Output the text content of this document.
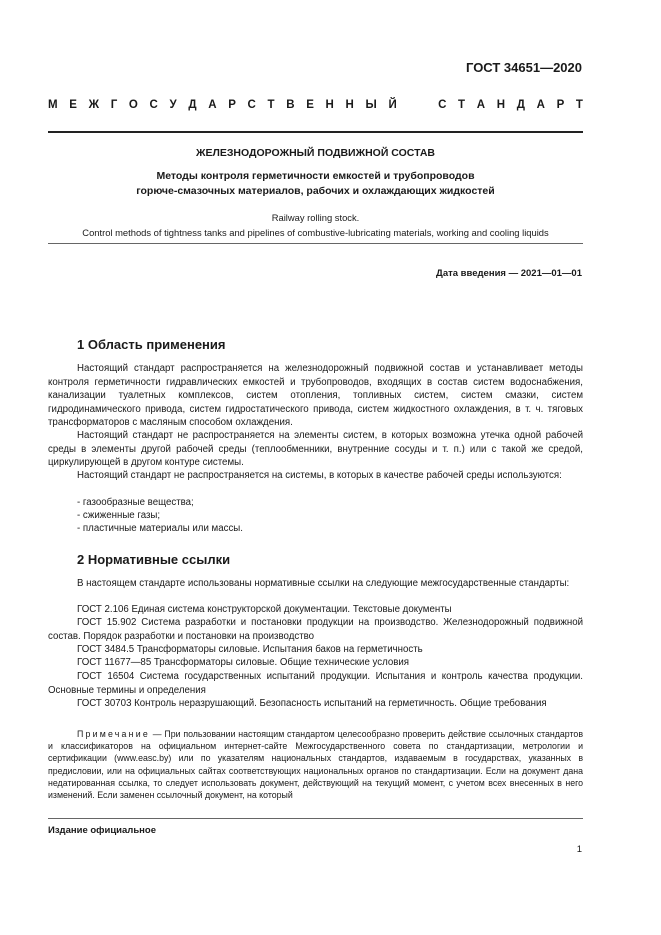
ГОСТ 34651—2020
М Е Ж Г О С У Д А Р С Т В Е Н Н Ы Й
	С Т А Н Д А Р Т
ЖЕЛЕЗНОДОРОЖНЫЙ ПОДВИЖНОЙ СОСТАВ
Методы контроля герметичности емкостей и трубопроводов
горюче-смазочных материалов, рабочих и охлаждающих жидкостей
Railway rolling stock.
Control methods of tightness tanks and pipelines of combustive-lubricating materials, working and cooling liquids
Дата введения — 2021—01—01
1 Область применения

Настоящий стандарт распространяется на железнодорожный подвижной состав и устанавливает методы контроля герметичности гидравлических емкостей и трубопроводов, входящих в состав систем водоснабжения, канализации туалетных комплексов, систем отопления, топливных систем, систем смазки, систем гидродинамического привода, систем гидростатического привода, систем жидкостного охлаждения, в т. ч. тяговых трансформаторов с масляным способом охлаждения.

Настоящий стандарт не распространяется на элементы систем, в которых возможна утечка одной рабочей среды в элементы другой рабочей среды (теплообменники, внутренние сосуды и т. п.) или с такой же средой, циркулирующей в другом контуре системы.

Настоящий стандарт не распространяется на системы, в которых в качестве рабочей среды используются:

- газообразные вещества;
- сжиженные газы;
- пластичные материалы или массы.
2 Нормативные ссылки

В настоящем стандарте использованы нормативные ссылки на следующие межгосударственные стандарты:

ГОСТ 2.106 Единая система конструкторской документации. Текстовые документы

ГОСТ 15.902 Система разработки и постановки продукции на производство. Железнодорожный подвижной состав. Порядок разработки и постановки на производство

ГОСТ 3484.5 Трансформаторы силовые. Испытания баков на герметичность

ГОСТ 11677—85 Трансформаторы силовые. Общие технические условия

ГОСТ 16504 Система государственных испытаний продукции. Испытания и контроль качества продукции. Основные термины и определения

ГОСТ 30703 Контроль неразрушающий. Безопасность испытаний на герметичность. Общие требования

Примечание — При пользовании настоящим стандартом целесообразно проверить действие ссылочных стандартов и классификаторов на официальном интернет-сайте Межгосударственного совета по стандартизации, метрологии и сертификации (www.easc.by) или по указателям национальных стандартов, издаваемым в государствах, указанных в предисловии, или на официальных сайтах соответствующих национальных органов по стандартизации. Если на документ дана недатированная ссылка, то следует использовать документ, действующий на текущий момент, с учетом всех внесенных в него изменений. Если заменен ссылочный документ, на который

Издание официальное
1
